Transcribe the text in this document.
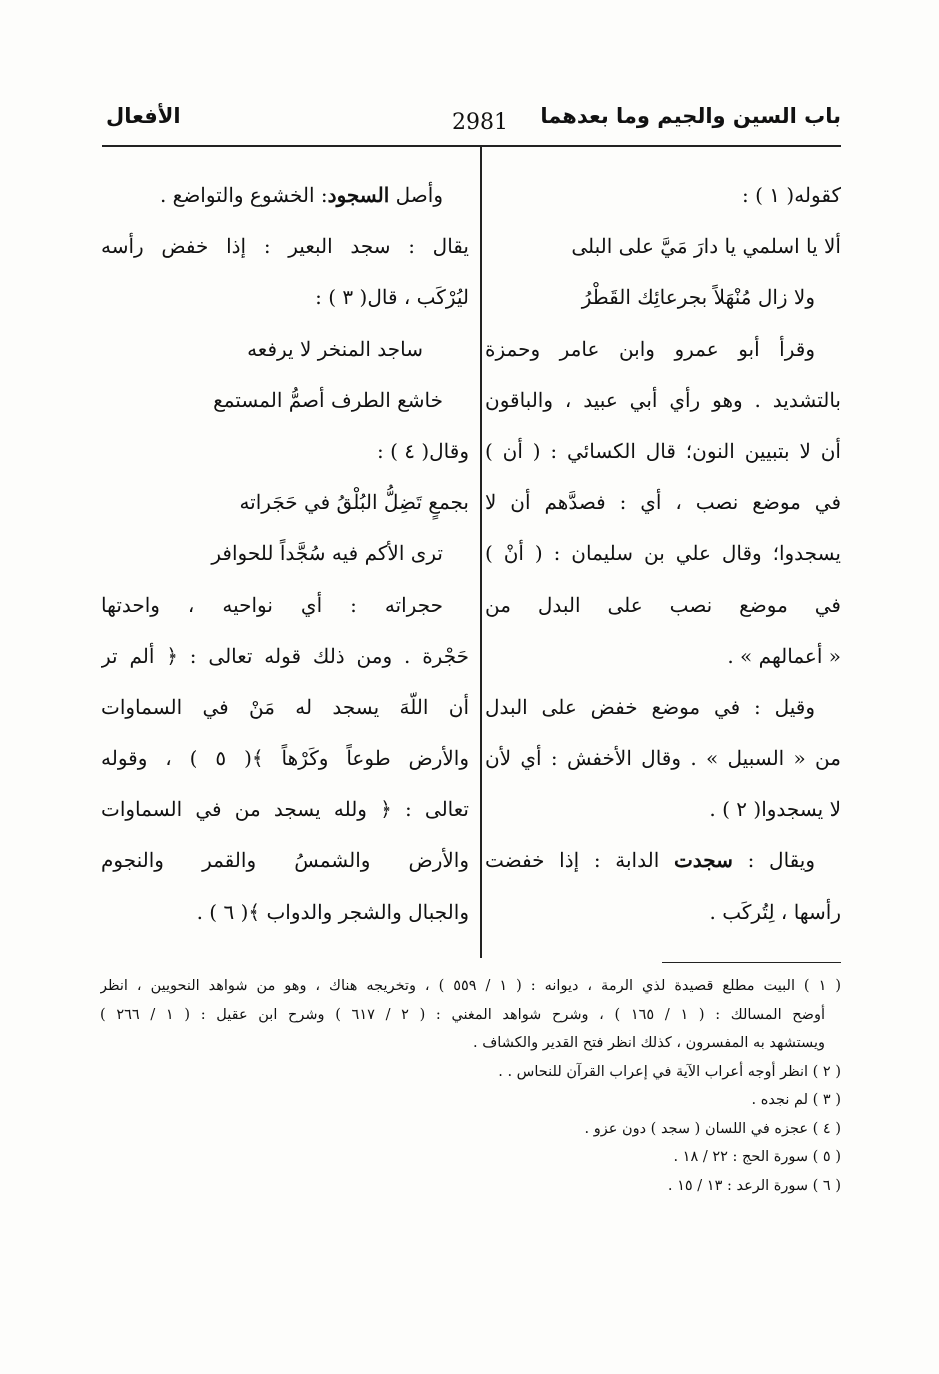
باب السين والجيم وما بعدهما
2981
الأفعال
كقوله( ١ ) :
ألا يا اسلمي يا دارَ مَيَّ على البلى
ولا زال مُنْهَلاً بجرعائِك القَطْرُ
وقرأ أبو عمرو وابن عامر وحمزة
بالتشديد . وهو رأي أبي عبيد ، والباقون
أن لا بتبيين النون؛ قال الكسائي : ( أن )
في موضع نصب ، أي : فصدَّهم أن لا
يسجدوا؛ وقال علي بن سليمان : ( أنْ )
في موضع نصب على البدل من
« أعمالهم » .
وقيل : في موضع خفض على البدل
من « السبيل » . وقال الأخفش : أي لأن
لا يسجدوا( ٢ ) .
ويقال : سجدت الدابة : إذا خفضت
رأسها ، لِتُركَب .
وأصل السجود: الخشوع والتواضع .
يقال : سجد البعير : إذا خفض رأسه
ليُرْكَب ، قال( ٣ ) :
ساجد المنخر لا يرفعه
خاشع الطرف أصمُّ المستمع
وقال( ٤ ) :
بجمعٍ تَضِلُّ البُلْقُ في حَجَراته
ترى الأكم فيه سُجَّداً للحوافر
حجراته : أي نواحيه ، واحدتها
حَجْرة . ومن ذلك قوله تعالى : ﴿ ألم تر
أن اللّهَ يسجد له مَنْ في السماوات
والأرض طوعاً وكَرْهاً ﴾( ٥ ) ، وقوله
تعالى : ﴿ ولله يسجد من في السماوات
والأرض والشمسُ والقمر والنجوم
والجبال والشجر والدواب ﴾( ٦ ) .
( ١ ) البيت مطلع قصيدة لذي الرمة ، ديوانه : ( ١ / ٥٥٩ ) ، وتخريجه هناك ، وهو من شواهد النحويين ، انظر
أوضح المسالك : ( ١ / ١٦٥ ) ، وشرح شواهد المغني : ( ٢ / ٦١٧ ) وشرح ابن عقيل : ( ١ / ٢٦٦ )
ويستشهد به المفسرون ، كذلك انظر فتح القدير والكشاف .
( ٢ ) انظر أوجه أعراب الآية في إعراب القرآن للنحاس . .
( ٣ ) لم نجده .
( ٤ ) عجزه في اللسان ( سجد ) دون عزو .
( ٥ ) سورة الحج : ٢٢ / ١٨ .
( ٦ ) سورة الرعد : ١٣ / ١٥ .
